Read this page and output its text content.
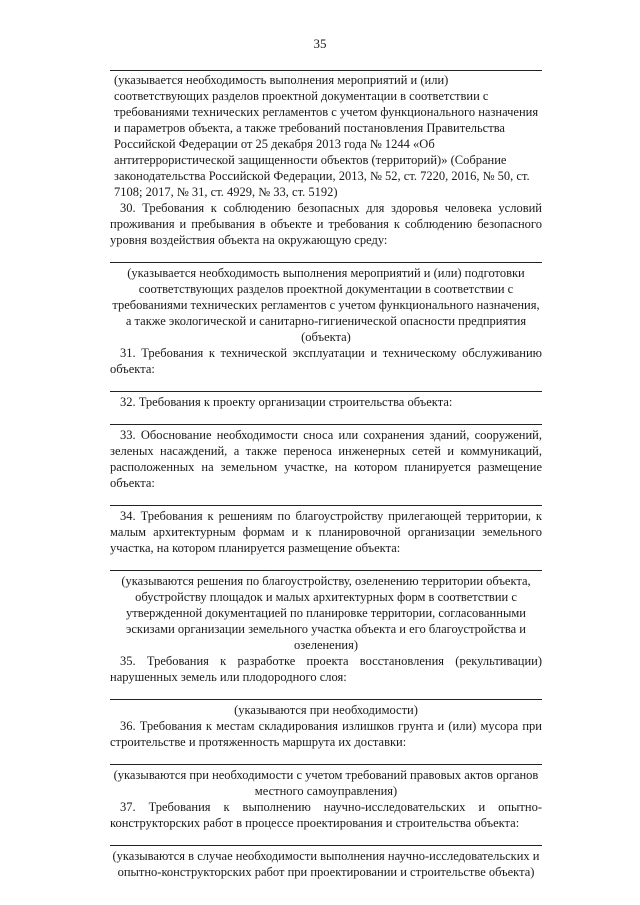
35

(указывается необходимость выполнения мероприятий и (или) соответствующих разделов проектной документации в соответствии с требованиями технических регламентов с учетом функционального назначения и параметров объекта, а также требований постановления Правительства Российской Федерации от 25 декабря 2013 года № 1244 «Об антитеррористической защищенности объектов (территорий)» (Собрание законодательства Российской Федерации, 2013, № 52, ст. 7220, 2016, № 50, ст. 7108; 2017, № 31, ст. 4929, № 33, ст. 5192)

30. Требования к соблюдению безопасных для здоровья человека условий проживания и пребывания в объекте и требования к соблюдению безопасного уровня воздействия объекта на окружающую среду:

(указывается необходимость выполнения мероприятий и (или) подготовки соответствующих разделов проектной документации в соответствии с требованиями технических регламентов с учетом функционального назначения, а также экологической и санитарно-гигиенической опасности предприятия (объекта)

31. Требования к технической эксплуатации и техническому обслуживанию объекта:

32. Требования к проекту организации строительства объекта:

33. Обоснование необходимости сноса или сохранения зданий, сооружений, зеленых насаждений, а также переноса инженерных сетей и коммуникаций, расположенных на земельном участке, на котором планируется размещение объекта:

34. Требования к решениям по благоустройству прилегающей территории, к малым архитектурным формам и к планировочной организации земельного участка, на котором планируется размещение объекта:

(указываются решения по благоустройству, озеленению территории объекта, обустройству площадок и малых архитектурных форм в соответствии с утвержденной документацией по планировке территории, согласованными эскизами организации земельного участка объекта и его благоустройства и озеленения)

35. Требования к разработке проекта восстановления (рекультивации) нарушенных земель или плодородного слоя:

(указываются при необходимости)

36. Требования к местам складирования излишков грунта и (или) мусора при строительстве и протяженность маршрута их доставки:

(указываются при необходимости с учетом требований правовых актов органов местного самоуправления)

37. Требования к выполнению научно-исследовательских и опытно-конструкторских работ в процессе проектирования и строительства объекта:

(указываются в случае необходимости выполнения научно-исследовательских и опытно-конструкторских работ при проектировании и строительстве объекта)
